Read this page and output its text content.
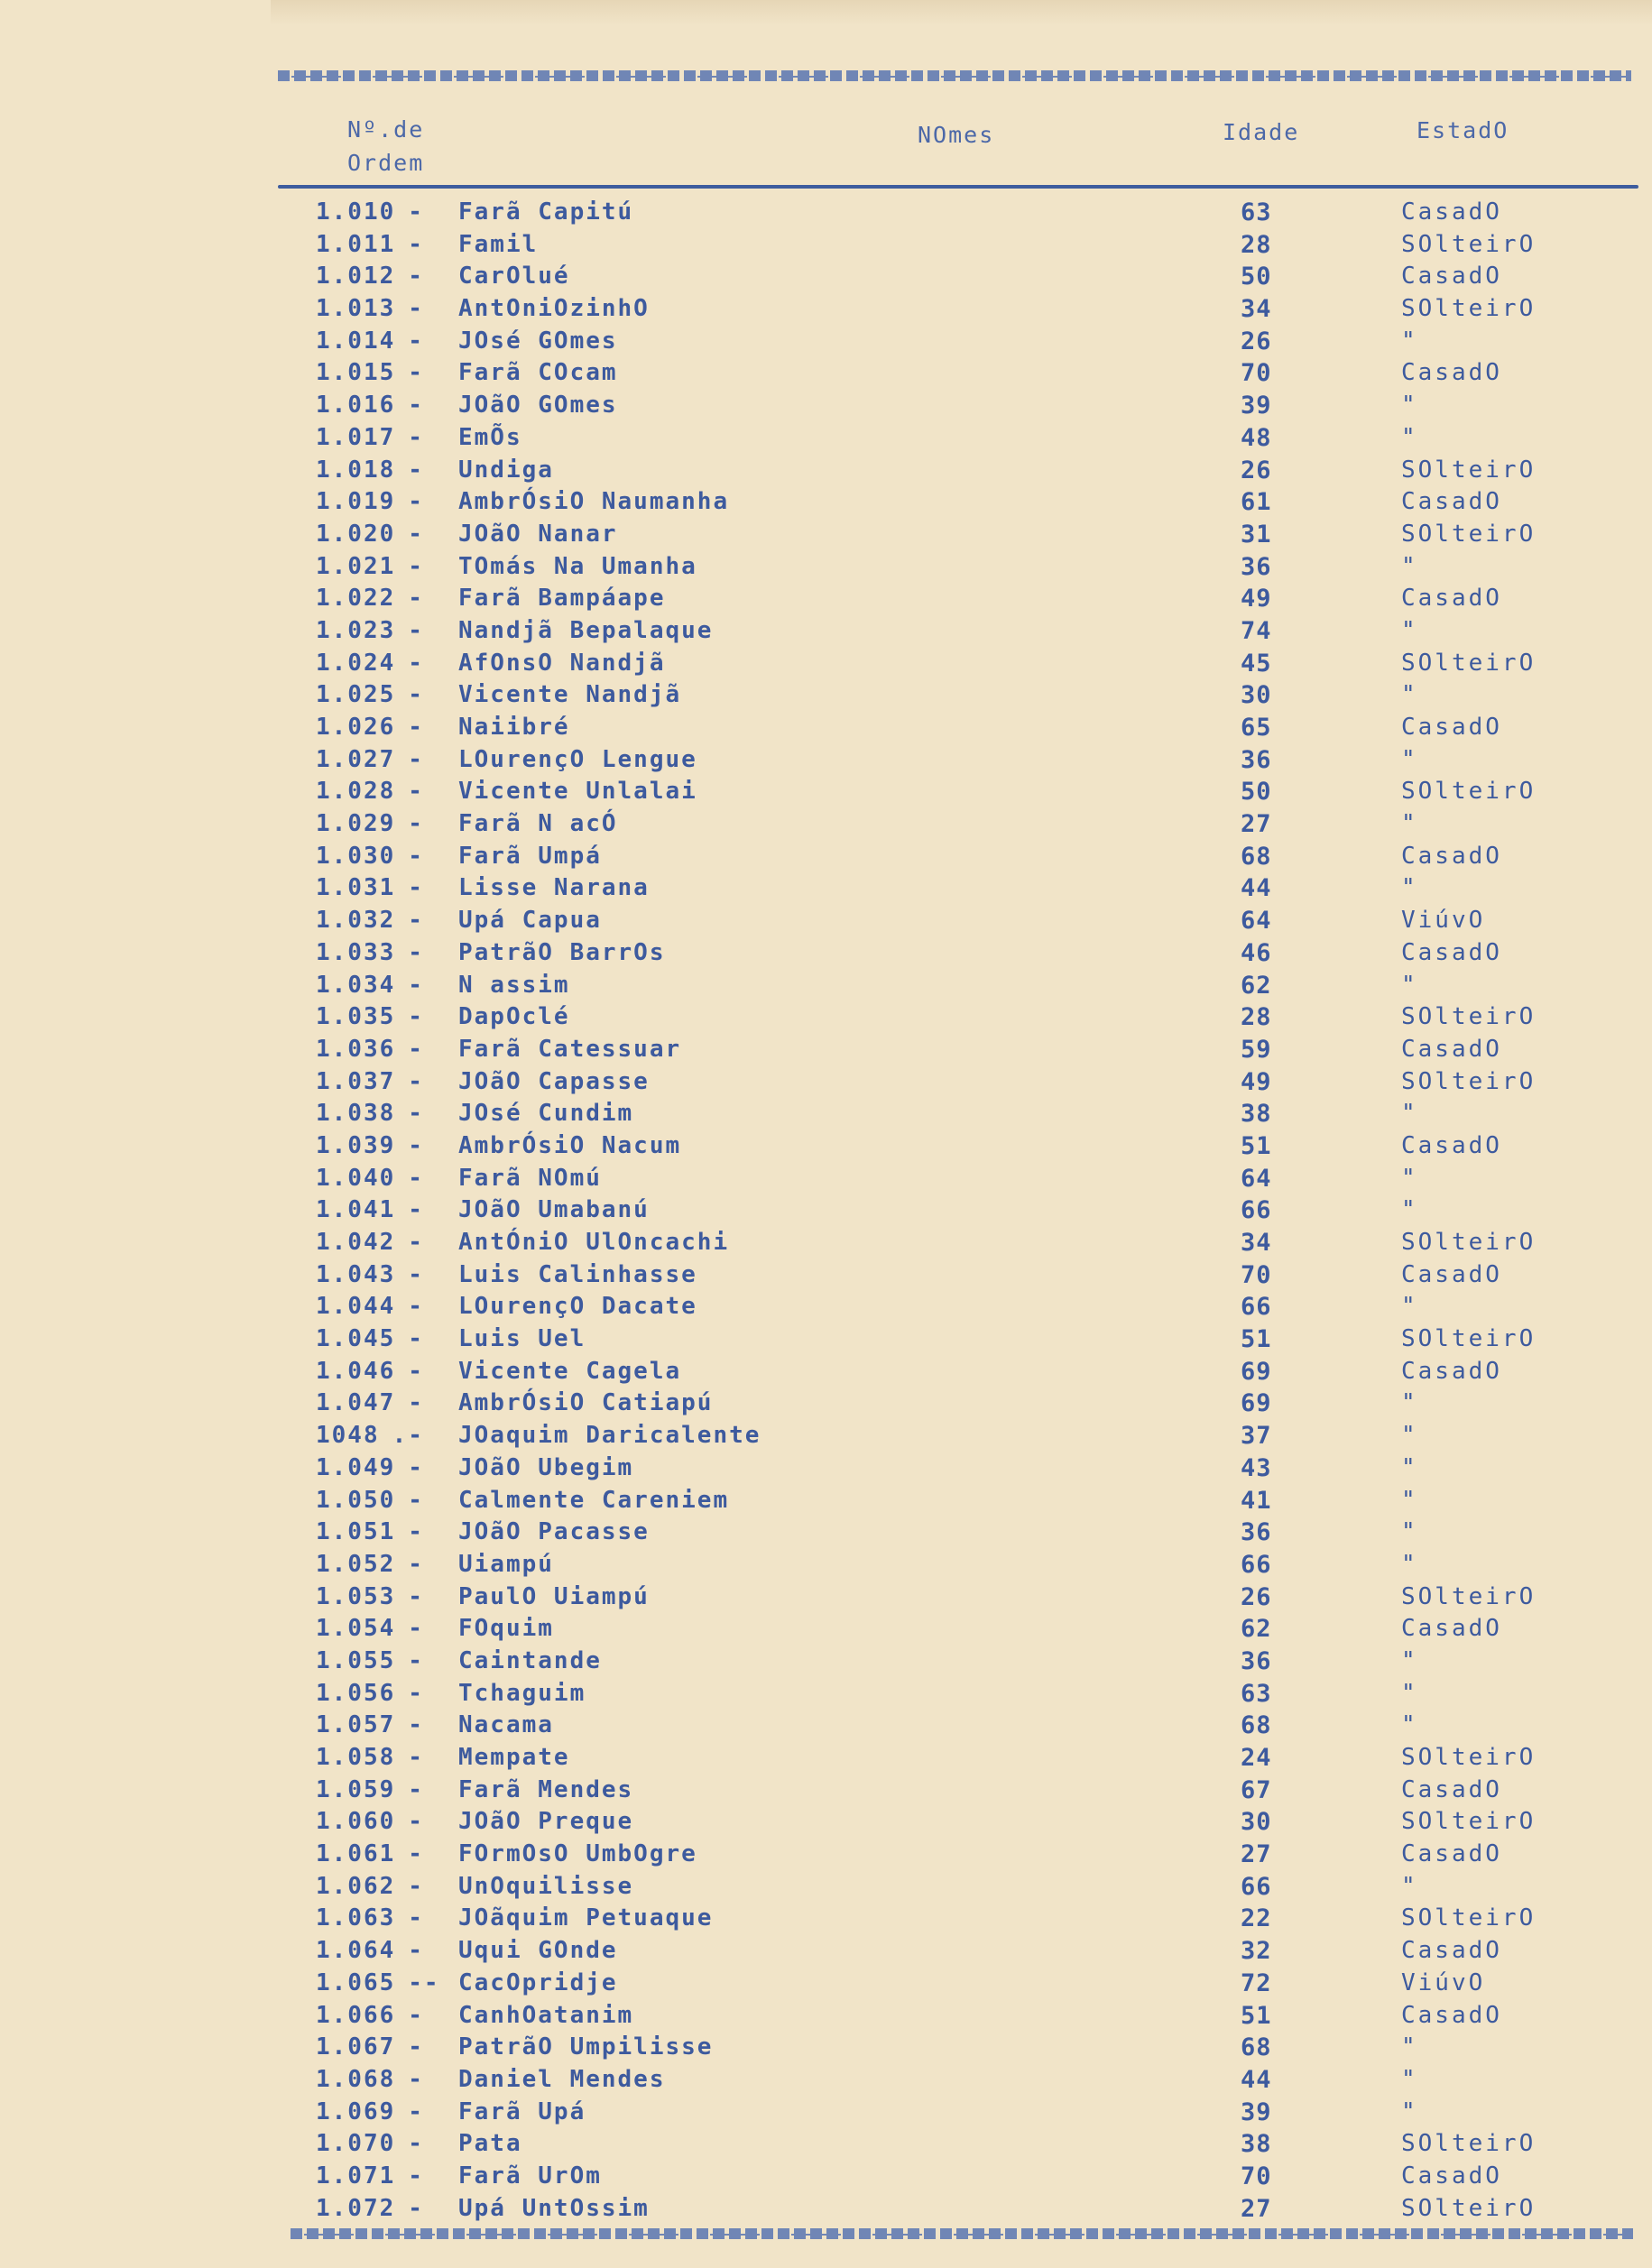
Nº.de
Ordem
NOmes	Idade	EstadO
1.010 - Farã Capitú	63	CasadO
1.011 - Famil	28	SOlteirO
1.012 - CarOlué	50	CasadO
1.013 - AntOniOzinhO	34	SOlteirO
1.014 - JOsé GOmes	26	"
1.015 - Farã COcam	70	CasadO
1.016 - JOãO GOmes	39	"
1.017 - EmÕs	48	"
1.018 - Undiga	26	SOlteirO
1.019 - AmbrÓsiO Naumanha	61	CasadO
1.020 - JOãO Nanar	31	SOlteirO
1.021 - TOmás Na Umanha	36	"
1.022 - Farã Bampáape	49	CasadO
1.023 - Nandjã Bepalaque	74	"
1.024 - AfOnsO Nandjã	45	SOlteirO
1.025 - Vicente Nandjã	30	"
1.026 - Naiibré	65	CasadO
1.027 - LOurençO Lengue	36	"
1.028 - Vicente Unlalai	50	SOlteirO
1.029 - Farã N acÓ	27	"
1.030 - Farã Umpá	68	CasadO
1.031 - Lisse Narana	44	"
1.032 - Upá Capua	64	ViúvO
1.033 - PatrãO BarrOs	46	CasadO
1.034 - N assim	62	"
1.035 - DapOclé	28	SOlteirO
1.036 - Farã Catessuar	59	CasadO
1.037 - JOãO Capasse	49	SOlteirO
1.038 - JOsé Cundim	38	"
1.039 - AmbrÓsiO Nacum	51	CasadO
1.040 - Farã NOmú	64	"
1.041 - JOãO Umabanú	66	"
1.042 - AntÓniO UlOncachi	34	SOlteirO
1.043 - Luis Calinhasse	70	CasadO
1.044 - LOurençO Dacate	66	"
1.045 - Luis Uel	51	SOlteirO
1.046 - Vicente Cagela	69	CasadO
1.047 - AmbrÓsiO Catiapú	69	"
1048 .- JOaquim Daricalente	37	"
1.049 - JOãO Ubegim	43	"
1.050 - Calmente Careniem	41	"
1.051 - JOãO Pacasse	36	"
1.052 - Uiampú	66	"
1.053 - PaulO Uiampú	26	SOlteirO
1.054 - FOquim	62	CasadO
1.055 - Caintande	36	"
1.056 - Tchaguim	63	"
1.057 - Nacama	68	"
1.058 - Mempate	24	SOlteirO
1.059 - Farã Mendes	67	CasadO
1.060 - JOãO Preque	30	SOlteirO
1.061 - FOrmOsO UmbOgre	27	CasadO
1.062 - UnOquilisse	66	"
1.063 - JOãquim Petuaque	22	SOlteirO
1.064 - Uqui GOnde	32	CasadO
1.065 -- CacOpridje	72	ViúvO
1.066 - CanhOatanim	51	CasadO
1.067 - PatrãO Umpilisse	68	"
1.068 - Daniel Mendes	44	"
1.069 - Farã Upá	39	"
1.070 - Pata	38	SOlteirO
1.071 - Farã UrOm	70	CasadO
1.072 - Upá UntOssim	27	SOlteirO
